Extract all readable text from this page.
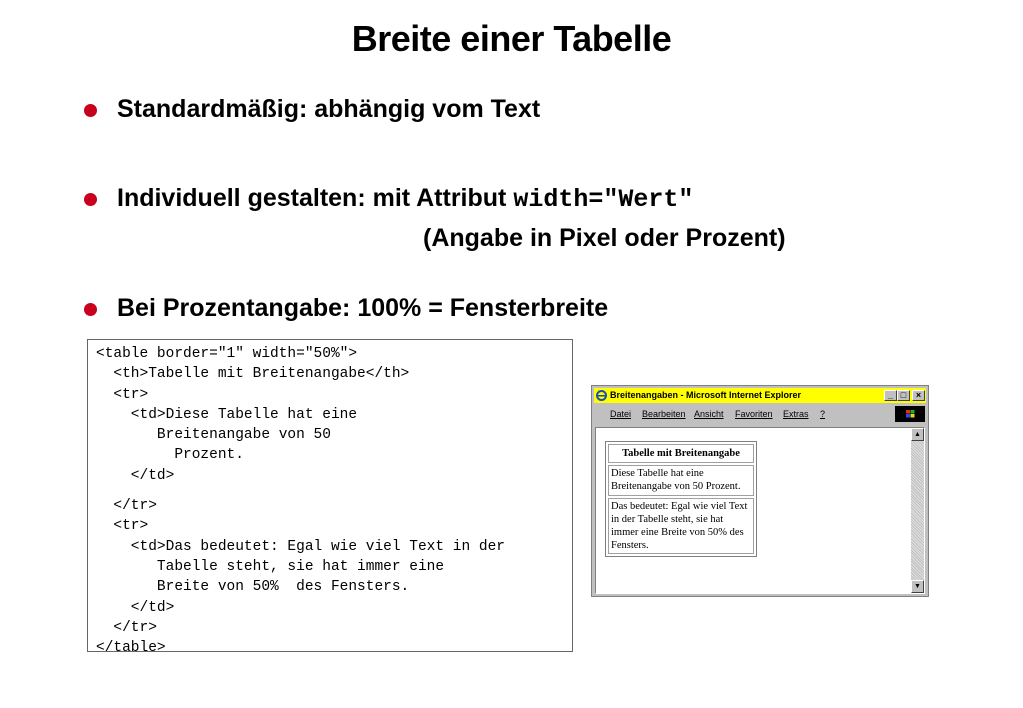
Breite einer Tabelle
Standardmäßig: abhängig vom Text
Individuell gestalten: mit Attribut width="Wert"
(Angabe in Pixel oder Prozent)
Bei Prozentangabe: 100% = Fensterbreite
<table border="1" width="50%">
<th>Tabelle mit Breitenangabe</th>
<tr>
<td>Diese Tabelle hat eine
Breitenangabe von 50
Prozent.
</td>
</tr>
<tr>
<td>Das bedeutet: Egal wie viel Text in der
Tabelle steht, sie hat immer eine
Breite von 50%  des Fensters.
</td>
</tr>
</table>
Breitenangaben - Microsoft Internet Explorer	_ □	×
Datei Bearbeiten Ansicht Favoriten Extras ?
Tabelle mit Breitenangabe
Diese Tabelle hat eine Breitenangabe von 50 Prozent.
Das bedeutet: Egal wie viel Text in der Tabelle steht, sie hat immer eine Breite von 50% des Fensters.
▲
▼
